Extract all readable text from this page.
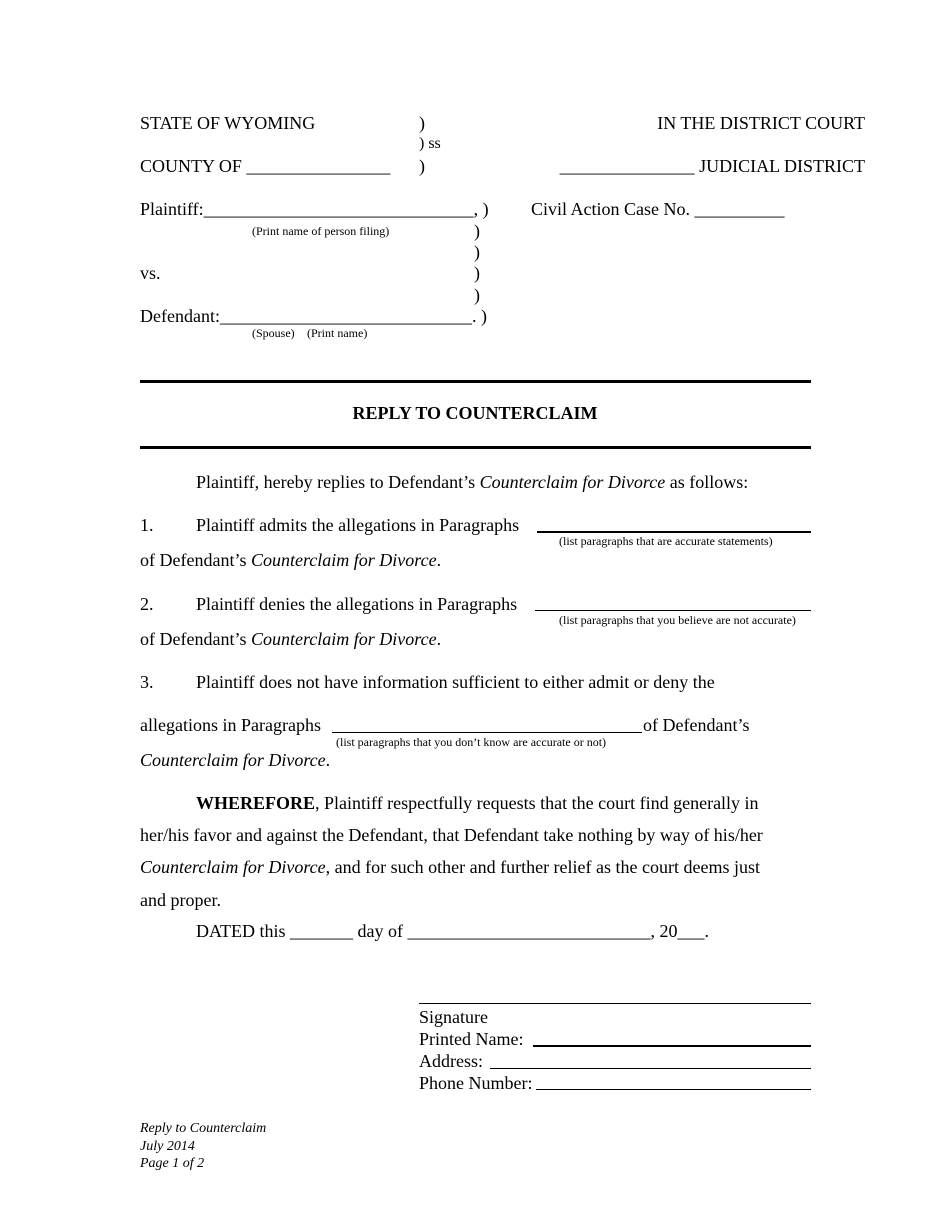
STATE OF WYOMING	)
) ss
)
COUNTY OF ________________
IN THE DISTRICT COURT
_______________ JUDICIAL DISTRICT
Plaintiff:______________________________, )
(Print name of person filing)
Civil Action Case No. __________
)
)
)
)
vs.
Defendant:____________________________. )
(Spouse) (Print name)
REPLY TO COUNTERCLAIM
Plaintiff, hereby replies to Defendant’s Counterclaim for Divorce as follows:
1. Plaintiff admits the allegations in Paragraphs
(list paragraphs that are accurate statements)
of Defendant’s Counterclaim for Divorce.
2. Plaintiff denies the allegations in Paragraphs
(list paragraphs that you believe are not accurate)
of Defendant’s Counterclaim for Divorce.
3. Plaintiff does not have information sufficient to either admit or deny the
allegations in Paragraphs	of Defendant’s
(list paragraphs that you don’t know are accurate or not)
Counterclaim for Divorce.
WHEREFORE, Plaintiff respectfully requests that the court find generally in
her/his favor and against the Defendant, that Defendant take nothing by way of his/her
Counterclaim for Divorce, and for such other and further relief as the court deems just
and proper.
DATED this _______ day of ___________________________, 20___.
Signature
Printed Name:
Address:
Phone Number:
Reply to Counterclaim
July 2014
Page 1 of 2
